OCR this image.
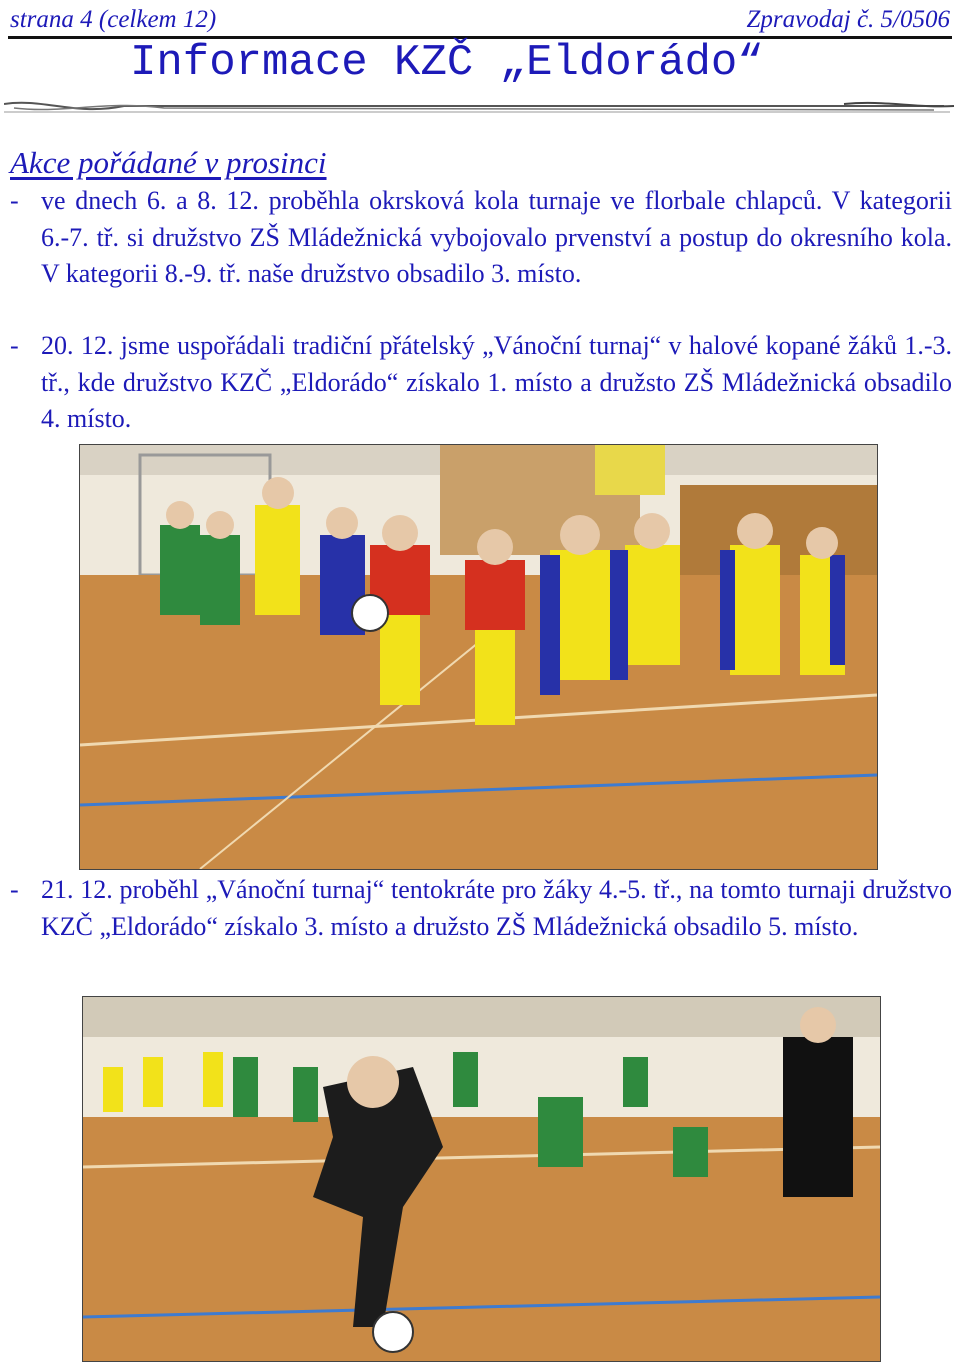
strana 4 (celkem 12)	Zpravodaj č. 5/0506
Informace KZČ „Eldorádo“
Akce pořádané v prosinci
- ve dnech 6. a 8. 12. proběhla okrsková kola turnaje ve florbale chlapců. V kategorii 6.-7. tř. si družstvo ZŠ Mládežnická vybojovalo prvenství a postup do okresního kola. V kategorii 8.-9. tř. naše družstvo obsadilo 3. místo.
- 20. 12. jsme uspořádali tradiční přátelský „Vánoční turnaj“ v halové kopané žáků 1.-3. tř., kde družstvo KZČ „Eldorádo“ získalo 1. místo a družsto ZŠ Mládežnická obsadilo 4. místo.
- 21. 12. proběhl „Vánoční turnaj“ tentokráte pro žáky 4.-5. tř., na tomto turnaji družstvo KZČ „Eldorádo“ získalo 3. místo a družsto ZŠ Mládežnická obsadilo 5. místo.
